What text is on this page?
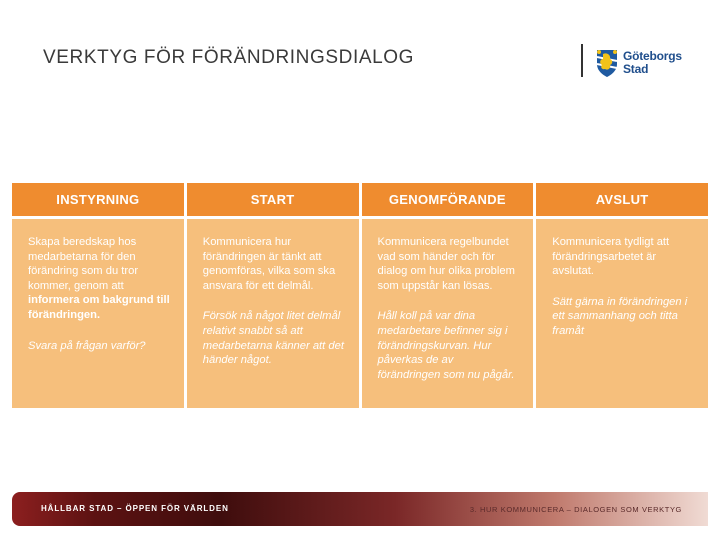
VERKTYG FÖR FÖRÄNDRINGSDIALOG	Göteborgs
Stad
INSTYRNING

Skapa beredskap hos medarbetarna för den förändring som du tror kommer, genom att informera om bakgrund till förändringen.

Svara på frågan varför?

START

Kommunicera hur förändringen är tänkt att genomföras, vilka som ska ansvara för ett delmål.

Försök nå något litet delmål relativt snabbt så att medarbetarna känner att det händer något.

GENOMFÖRANDE

Kommunicera regelbundet vad som händer och för dialog om hur olika problem som uppstår kan lösas.

Håll koll på var dina medarbetare befinner sig i förändringskurvan. Hur påverkas de av förändringen som nu pågår.

AVSLUT

Kommunicera tydligt att förändringsarbetet är avslutat.

Sätt gärna in förändringen i ett sammanhang och titta framåt

HÅLLBAR STAD – ÖPPEN FÖR VÄRLDEN	3. HUR KOMMUNICERA – DIALOGEN SOM VERKTYG
